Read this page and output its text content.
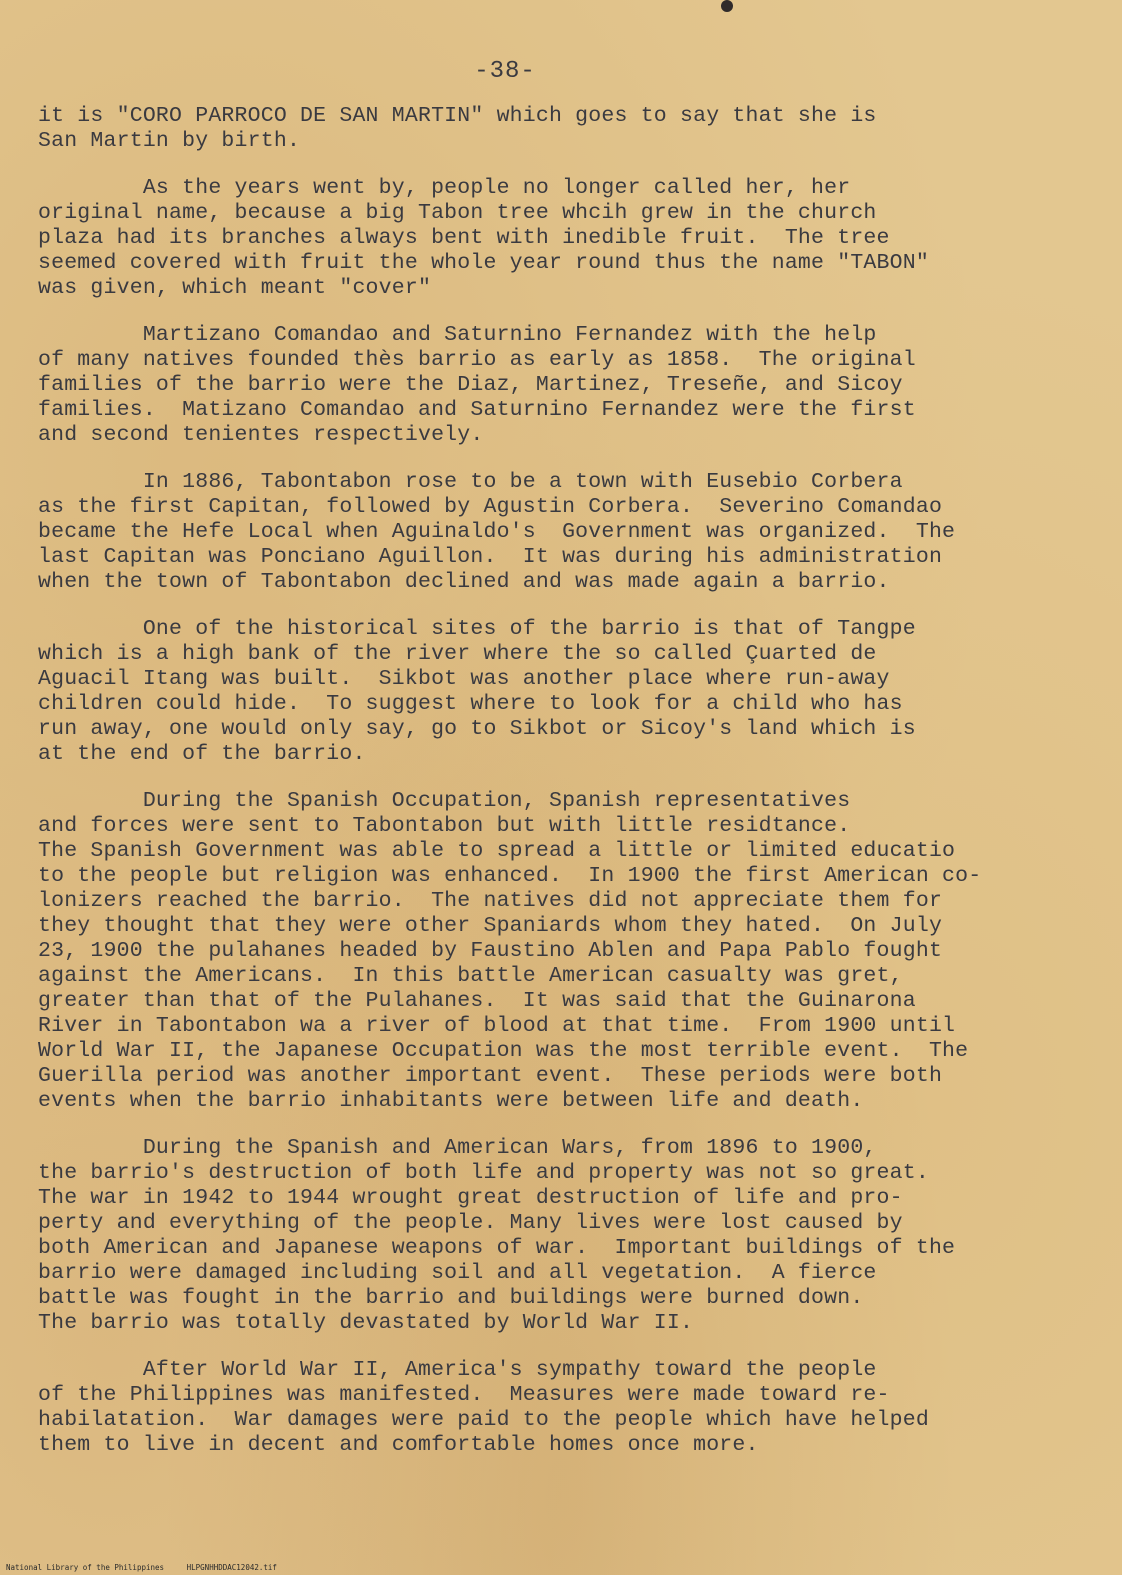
-38-
it is "CORO PARROCO DE SAN MARTIN" which goes to say that she is
San Martin by birth.
As the years went by, people no longer called her, her
original name, because a big Tabon tree whcih grew in the church
plaza had its branches always bent with inedible fruit.  The tree
seemed covered with fruit the whole year round thus the name "TABON"
was given, which meant "cover"
Martizano Comandao and Saturnino Fernandez with the help
of many natives founded thès barrio as early as 1858.  The original
families of the barrio were the Diaz, Martinez, Treseñe, and Sicoy
families.  Matizano Comandao and Saturnino Fernandez were the first
and second tenientes respectively.
In 1886, Tabontabon rose to be a town with Eusebio Corbera
as the first Capitan, followed by Agustin Corbera.  Severino Comandao
became the Hefe Local when Aguinaldo's  Government was organized.  The
last Capitan was Ponciano Aguillon.  It was during his administration
when the town of Tabontabon declined and was made again a barrio.
One of the historical sites of the barrio is that of Tangpe
which is a high bank of the river where the so called Çuarted de
Aguacil Itang was built.  Sikbot was another place where run-away
children could hide.  To suggest where to look for a child who has
run away, one would only say, go to Sikbot or Sicoy's land which is
at the end of the barrio.
During the Spanish Occupation, Spanish representatives
and forces were sent to Tabontabon but with little residtance.
The Spanish Government was able to spread a little or limited educatio
to the people but religion was enhanced.  In 1900 the first American co-
lonizers reached the barrio.  The natives did not appreciate them for
they thought that they were other Spaniards whom they hated.  On July
23, 1900 the pulahanes headed by Faustino Ablen and Papa Pablo fought
against the Americans.  In this battle American casualty was gret,
greater than that of the Pulahanes.  It was said that the Guinarona
River in Tabontabon wa a river of blood at that time.  From 1900 until
World War II, the Japanese Occupation was the most terrible event.  The
Guerilla period was another important event.  These periods were both
events when the barrio inhabitants were between life and death.
During the Spanish and American Wars, from 1896 to 1900,
the barrio's destruction of both life and property was not so great.
The war in 1942 to 1944 wrought great destruction of life and pro-
perty and everything of the people. Many lives were lost caused by
both American and Japanese weapons of war.  Important buildings of the
barrio were damaged including soil and all vegetation.  A fierce
battle was fought in the barrio and buildings were burned down.
The barrio was totally devastated by World War II.
After World War II, America's sympathy toward the people
of the Philippines was manifested.  Measures were made toward re-
habilatation.  War damages were paid to the people which have helped
them to live in decent and comfortable homes once more.
National Library of the Philippines     HLPGNHHDDAC12042.tif
